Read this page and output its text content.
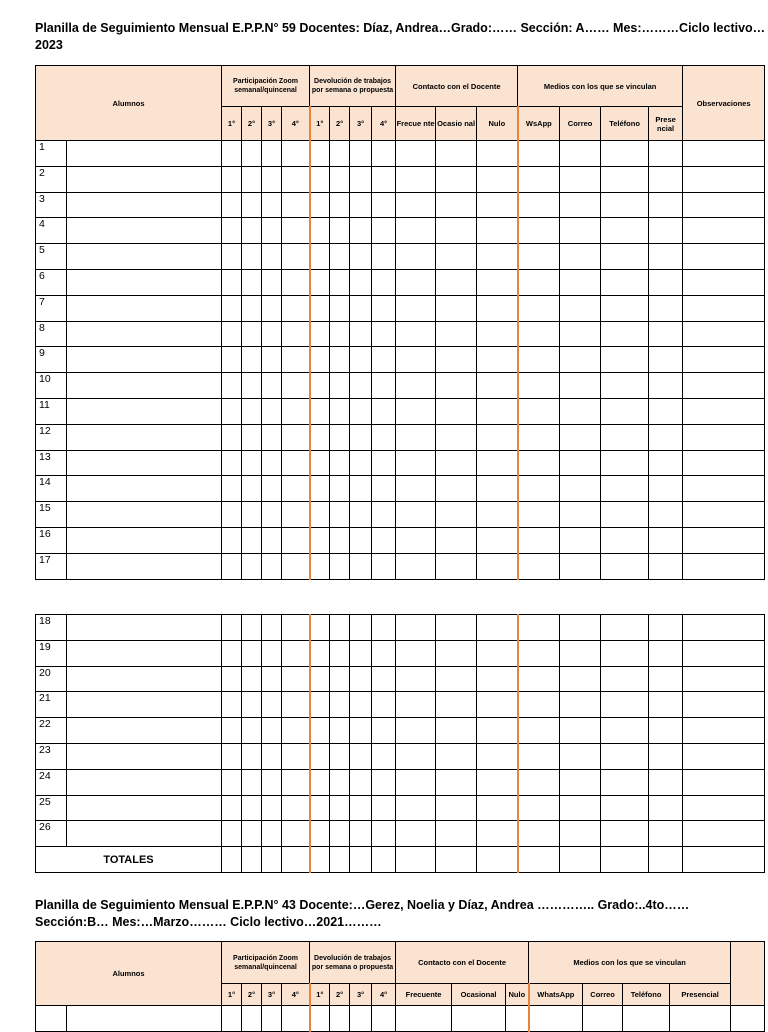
Planilla de Seguimiento Mensual E.P.P.N° 59 Docentes: Díaz, Andrea…Grado:…… Sección: A…… Mes:………Ciclo lectivo…
2023
Alumnos		Participación Zoom semanal/quincenal				Devolución de trabajos por semana o propuesta				Contacto con el Docente			Medios con los que se vinculan				Observaciones
		1°	2°	3°	4°	1°	2°	3°	4°	Frecue nte	Ocasio nal	Nulo	WsApp	Correo	Teléfono	Prese ncial	
1																	
2																	
3																	
4																	
5																	
6																	
7																	
8																	
9																	
10																	
11																	
12																	
13																	
14																	
15																	
16																	
17																	
18																	
19																	
20																	
21																	
22																	
23																	
24																	
25																	
26																	
TOTALES																	
Planilla de Seguimiento Mensual E.P.P.N° 43 Docente:…Gerez, Noelia y Díaz, Andrea ………….. Grado:..4to……
Sección:B… Mes:…Marzo……… Ciclo lectivo…2021………
Alumnos		Participación Zoom semanal/quincenal				Devolución de trabajos por semana o propuesta				Contacto con el Docente			Medios con los que se vinculan				
		1°	2°	3°	4°	1°	2°	3°	4°	Frecuente	Ocasional	Nulo	WhatsApp	Correo	Teléfono	Presencial	
